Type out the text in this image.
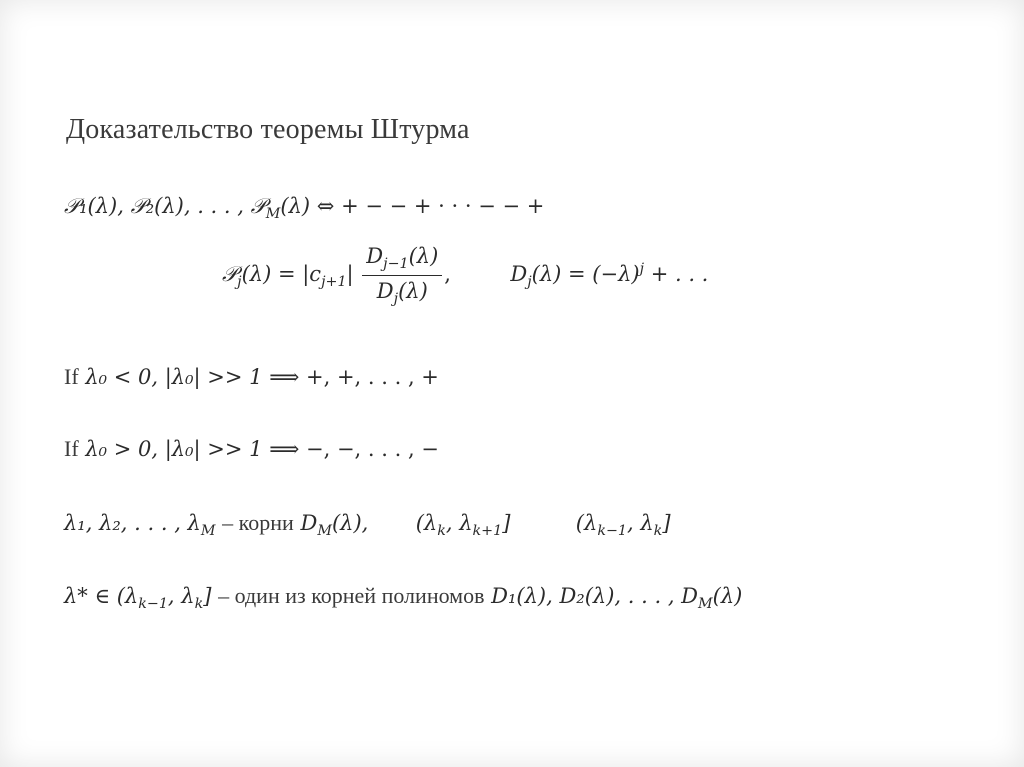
Доказательство теоремы Штурма
𝒫₁(λ), 𝒫₂(λ), . . . , 𝒫$_M$(λ) ⇔ + − − + · · · − − +
𝒫$_j$(λ) = $|c_{j+1}| \frac{D_{j-1}(\lambda)}{D_j(\lambda)}$ ,	$D_j(\lambda) = (-\lambda)^j$ + . . .
If λ₀ < 0, |λ₀| >> 1 ⟹ +, +, . . . , +
If λ₀ > 0, |λ₀| >> 1 ⟹ −, −, . . . , −
λ₁, λ₂, . . . , $\lambda_M$ – корни $D_M(\lambda)$, ($\lambda_k$, $\lambda_{k+1}$]	($\lambda_{k-1}$, $\lambda_k$]
λ* ∈ ($\lambda_{k-1}$, $\lambda_k$] – один из корней полиномов D₁(λ), D₂(λ), . . . , $D_M(\lambda)$
